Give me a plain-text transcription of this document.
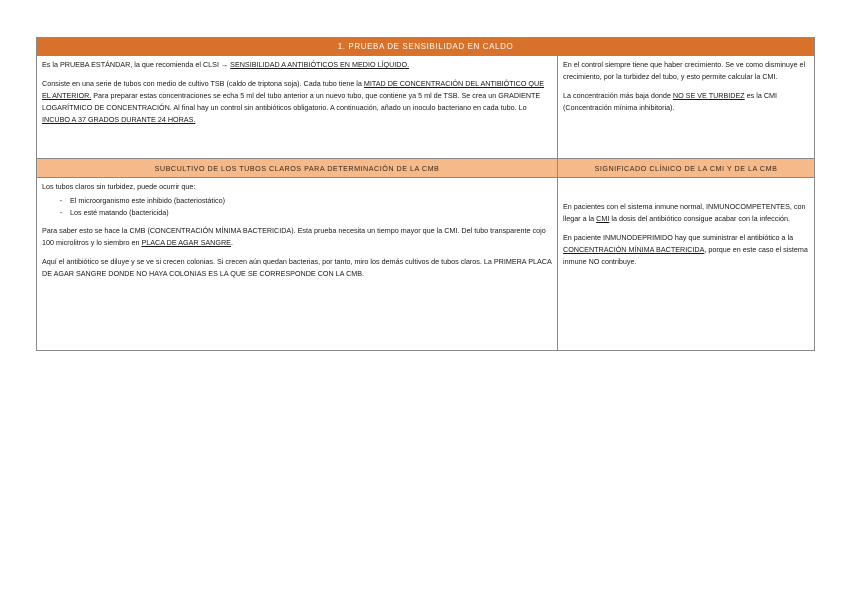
1. PRUEBA DE SENSIBILIDAD EN CALDO

Es la PRUEBA ESTÁNDAR, la que recomienda el CLSI → SENSIBILIDAD A ANTIBIÓTICOS EN MEDIO LÍQUIDO.

Consiste en una serie de tubos con medio de cultivo TSB (caldo de triptona soja). Cada tubo tiene la MITAD DE CONCENTRACIÓN DEL ANTIBIÓTICO QUE EL ANTERIOR. Para preparar estas concentraciones se echa 5 ml del tubo anterior a un nuevo tubo, que contiene ya 5 ml de TSB. Se crea un GRADIENTE LOGARÍTMICO DE CONCENTRACIÓN. Al final hay un control sin antibióticos obligatorio. A continuación, añado un inoculo bacteriano en cada tubo. Lo INCUBO A 37 GRADOS DURANTE 24 HORAS.

En el control siempre tiene que haber crecimiento. Se ve como disminuye el crecimiento, por la turbidez del tubo, y esto permite calcular la CMI.

La concentración más baja donde NO SE VE TURBIDEZ es la CMI (Concentración mínima inhibitoria).

SUBCULTIVO DE LOS TUBOS CLAROS PARA DETERMINACIÓN DE LA CMB	SIGNIFICADO CLÍNICO DE LA CMI Y DE LA CMB

Los tubos claros sin turbidez, puede ocurrir que:

- El microorganismo este inhibido (bacteriostático)
- Los esté matando (bactericida)

Para saber esto se hace la CMB (CONCENTRACIÓN MÍNIMA BACTERICIDA). Esta prueba necesita un tiempo mayor que la CMI. Del tubo transparente cojo 100 microlitros y lo siembro en PLACA DE AGAR SANGRE.

Aquí el antibiótico se diluye y se ve si crecen colonias. Si crecen aún quedan bacterias, por tanto, miro los demás cultivos de tubos claros. La PRIMERA PLACA DE AGAR SANGRE DONDE NO HAYA COLONIAS ES LA QUE SE CORRESPONDE CON LA CMB.

En pacientes con el sistema inmune normal, INMUNOCOMPETENTES, con llegar a la CMI la dosis del antibiótico consigue acabar con la infección.

En paciente INMUNODEPRIMIDO hay que suministrar el antibiótico a la CONCENTRACIÓN MÍNIMA BACTERICIDA, porque en este caso el sistema inmune NO contribuye.
